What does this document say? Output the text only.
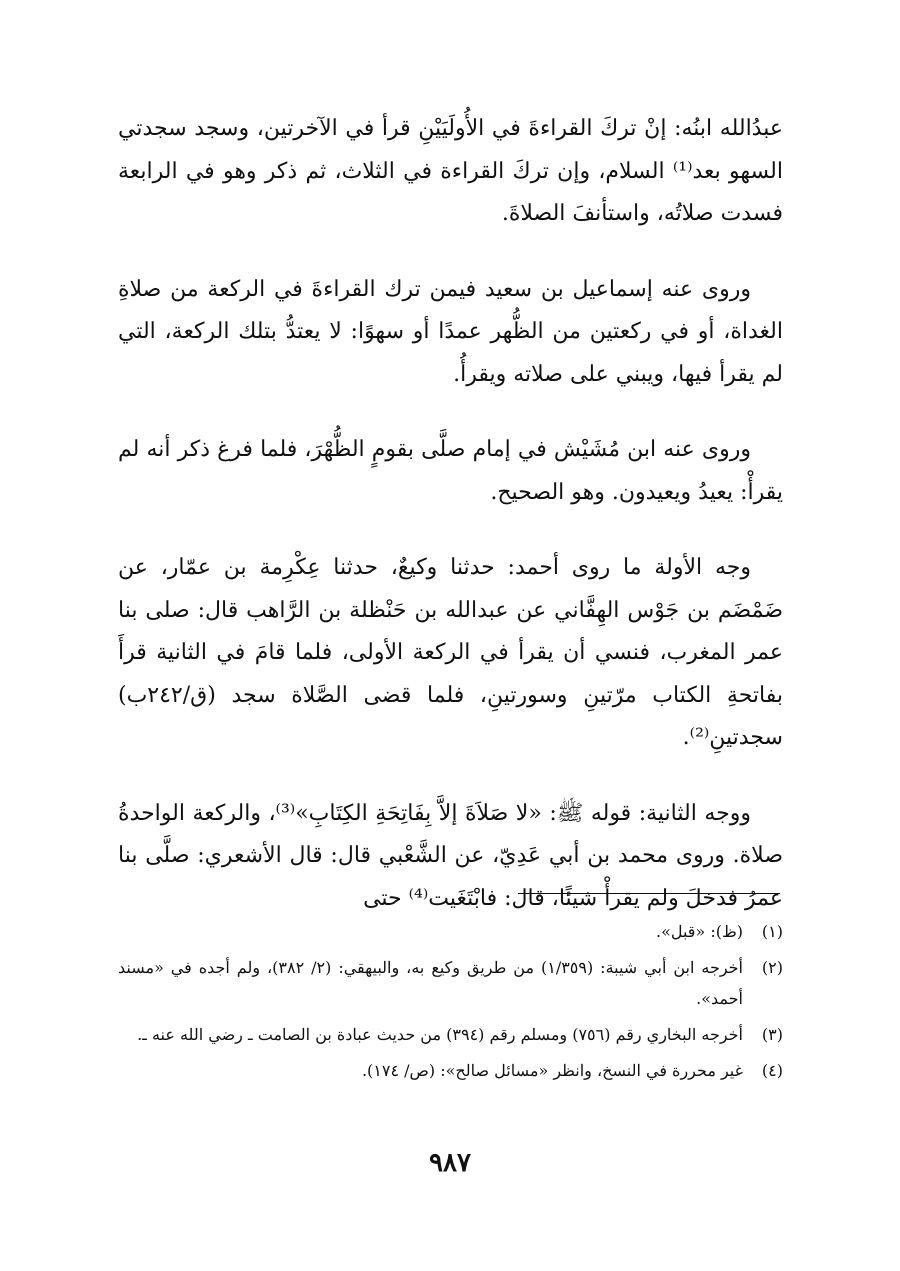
عبدُالله ابنُه: إنْ تركَ القراءةَ في الأُولَيَيْنِ قرأ في الآخرتين، وسجد سجدتي السهو بعد⁽¹⁾ السلام، وإن تركَ القراءة في الثلاث، ثم ذكر وهو في الرابعة فسدت صلاتُه، واستأنفَ الصلاةَ.

وروى عنه إسماعيل بن سعيد فيمن ترك القراءةَ في الركعة من صلاةِ الغداة، أو في ركعتين من الظُّهر عمدًا أو سهوًا: لا يعتدُّ بتلك الركعة، التي لم يقرأ فيها، ويبني على صلاته ويقرأُ.

وروى عنه ابن مُشَيْش في إمام صلَّى بقومٍ الظُّهْرَ، فلما فرغ ذكر أنه لم يقرأْ: يعيدُ ويعيدون. وهو الصحيح.

وجه الأولة ما روى أحمد: حدثنا وكيعٌ، حدثنا عِكْرِمة بن عمّار، عن ضَمْضَم بن جَوْس الهِفَّاني عن عبدالله بن حَنْظلة بن الرَّاهب قال: صلى بنا عمر المغرب، فنسي أن يقرأ في الركعة الأولى، فلما قامَ في الثانية قرأَ بفاتحةِ الكتاب مرّتينِ وسورتينِ، فلما قضى الصَّلاة سجد (ق/٢٤٢ب) سجدتينِ⁽²⁾.

ووجه الثانية: قوله ﷺ: «لا صَلاَةَ إلاَّ بِفَاتِحَةِ الكِتَابِ»⁽³⁾، والركعة الواحدةُ صلاة. وروى محمد بن أبي عَدِيّ، عن الشَّعْبي قال: قال الأشعري: صلَّى بنا عمرُ فدخلَ ولم يقرأْ شيئًا، قال: فابْتَغَيت⁽⁴⁾ حتى

(١)
(ظ): «قبل».
(٢)
أخرجه ابن أبي شيبة: (١/٣٥٩) من طريق وكيع به، والبيهقي: (٢/ ٣٨٢)، ولم أجده في «مسند أحمد».
(٣)
أخرجه البخاري رقم (٧٥٦) ومسلم رقم (٣٩٤) من حديث عبادة بن الصامت ـ رضي الله عنه ـ.
(٤)
غير محررة في النسخ، وانظر «مسائل صالح»: (ص/ ١٧٤).
٩٨٧
